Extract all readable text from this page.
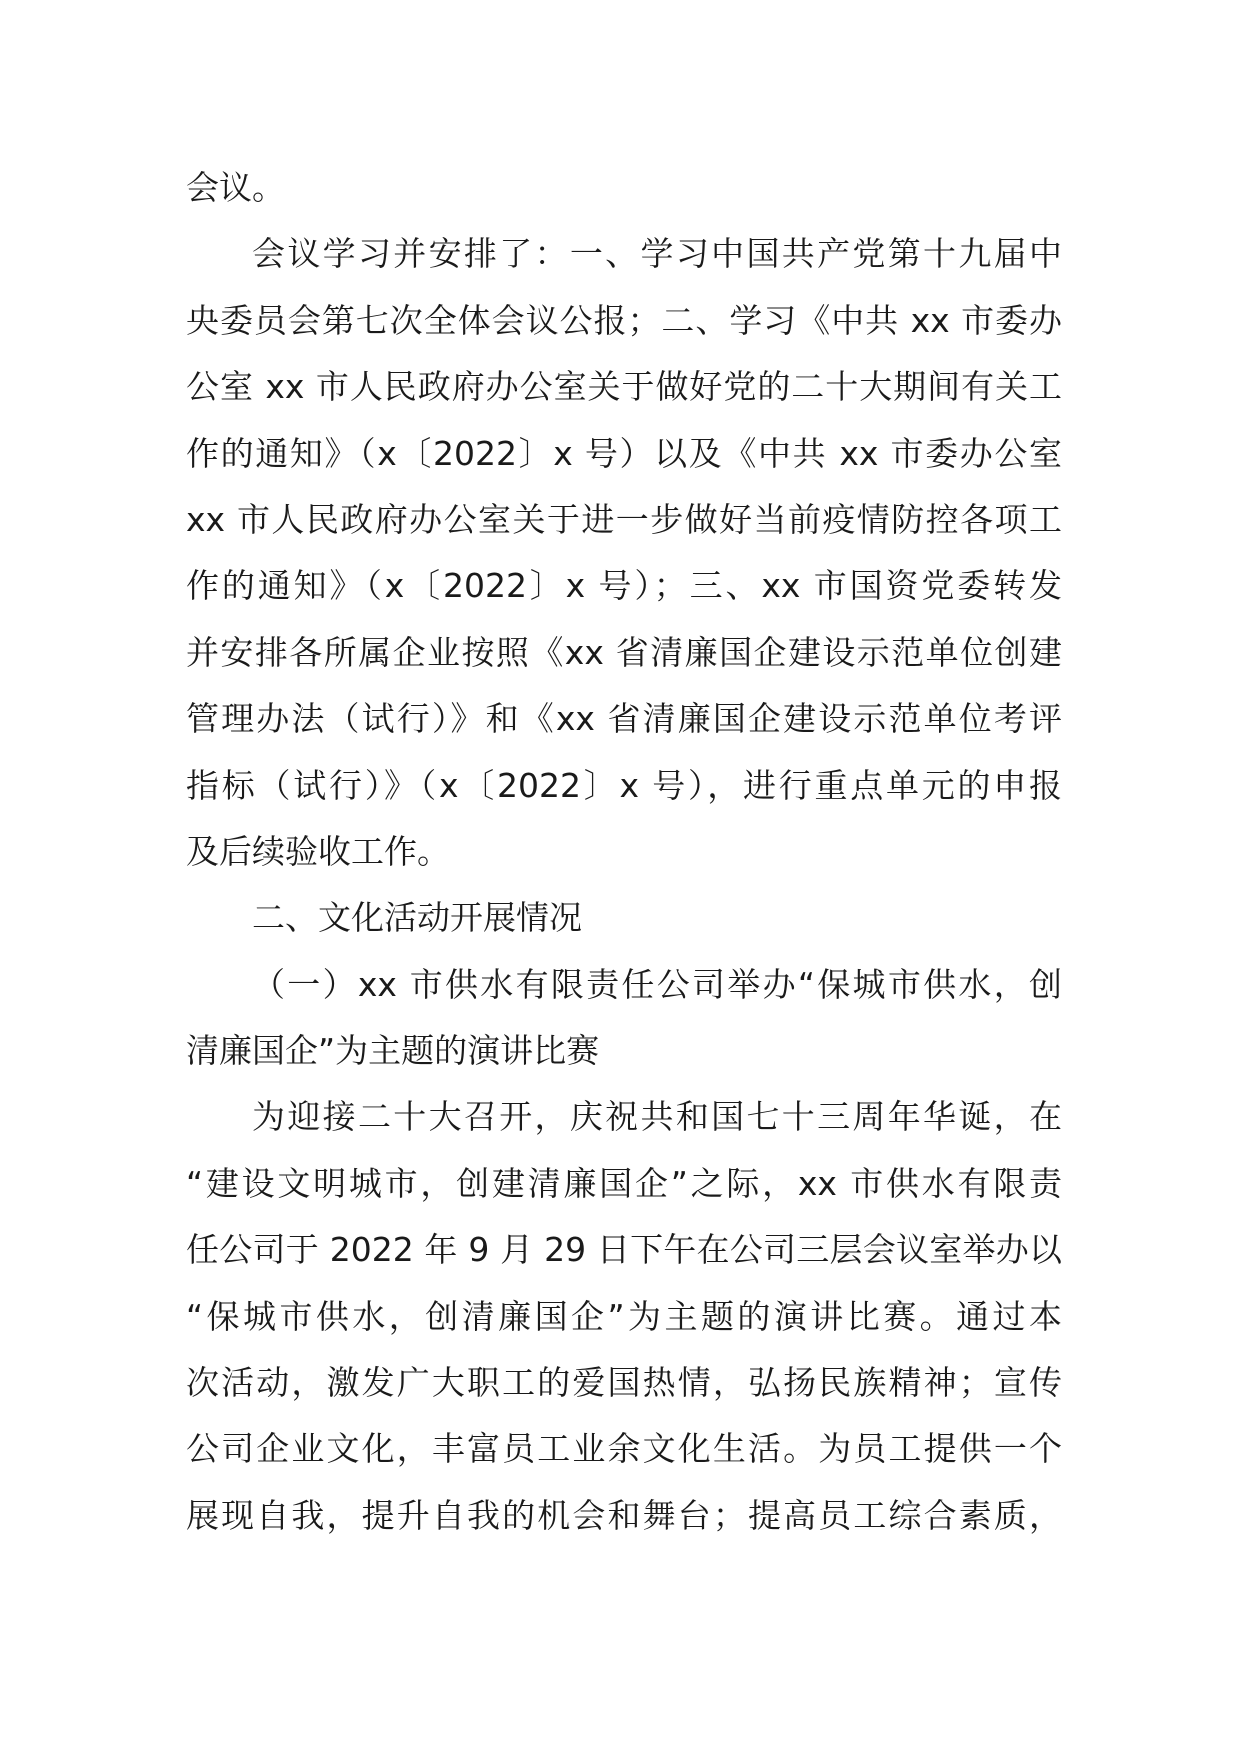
会议。
会议学习并安排了：一、学习中国共产党第十九届中
央委员会第七次全体会议公报；二、学习《中共 xx 市委办
公室 xx 市人民政府办公室关于做好党的二十大期间有关工
作的通知》（x〔2022〕x 号）以及《中共 xx 市委办公室
xx 市人民政府办公室关于进一步做好当前疫情防控各项工
作的通知》（x〔2022〕x 号）；三、xx 市国资党委转发
并安排各所属企业按照《xx 省清廉国企建设示范单位创建
管理办法（试行）》和《xx 省清廉国企建设示范单位考评
指标（试行）》（x〔2022〕x 号），进行重点单元的申报
及后续验收工作。
二、文化活动开展情况
（一）xx 市供水有限责任公司举办“保城市供水，创
清廉国企”为主题的演讲比赛
为迎接二十大召开，庆祝共和国七十三周年华诞，在
“建设文明城市，创建清廉国企”之际，xx 市供水有限责
任公司于 2022 年 9 月 29 日下午在公司三层会议室举办以
“保城市供水，创清廉国企”为主题的演讲比赛。通过本
次活动，激发广大职工的爱国热情，弘扬民族精神；宣传
公司企业文化，丰富员工业余文化生活。为员工提供一个
展现自我，提升自我的机会和舞台；提高员工综合素质，
